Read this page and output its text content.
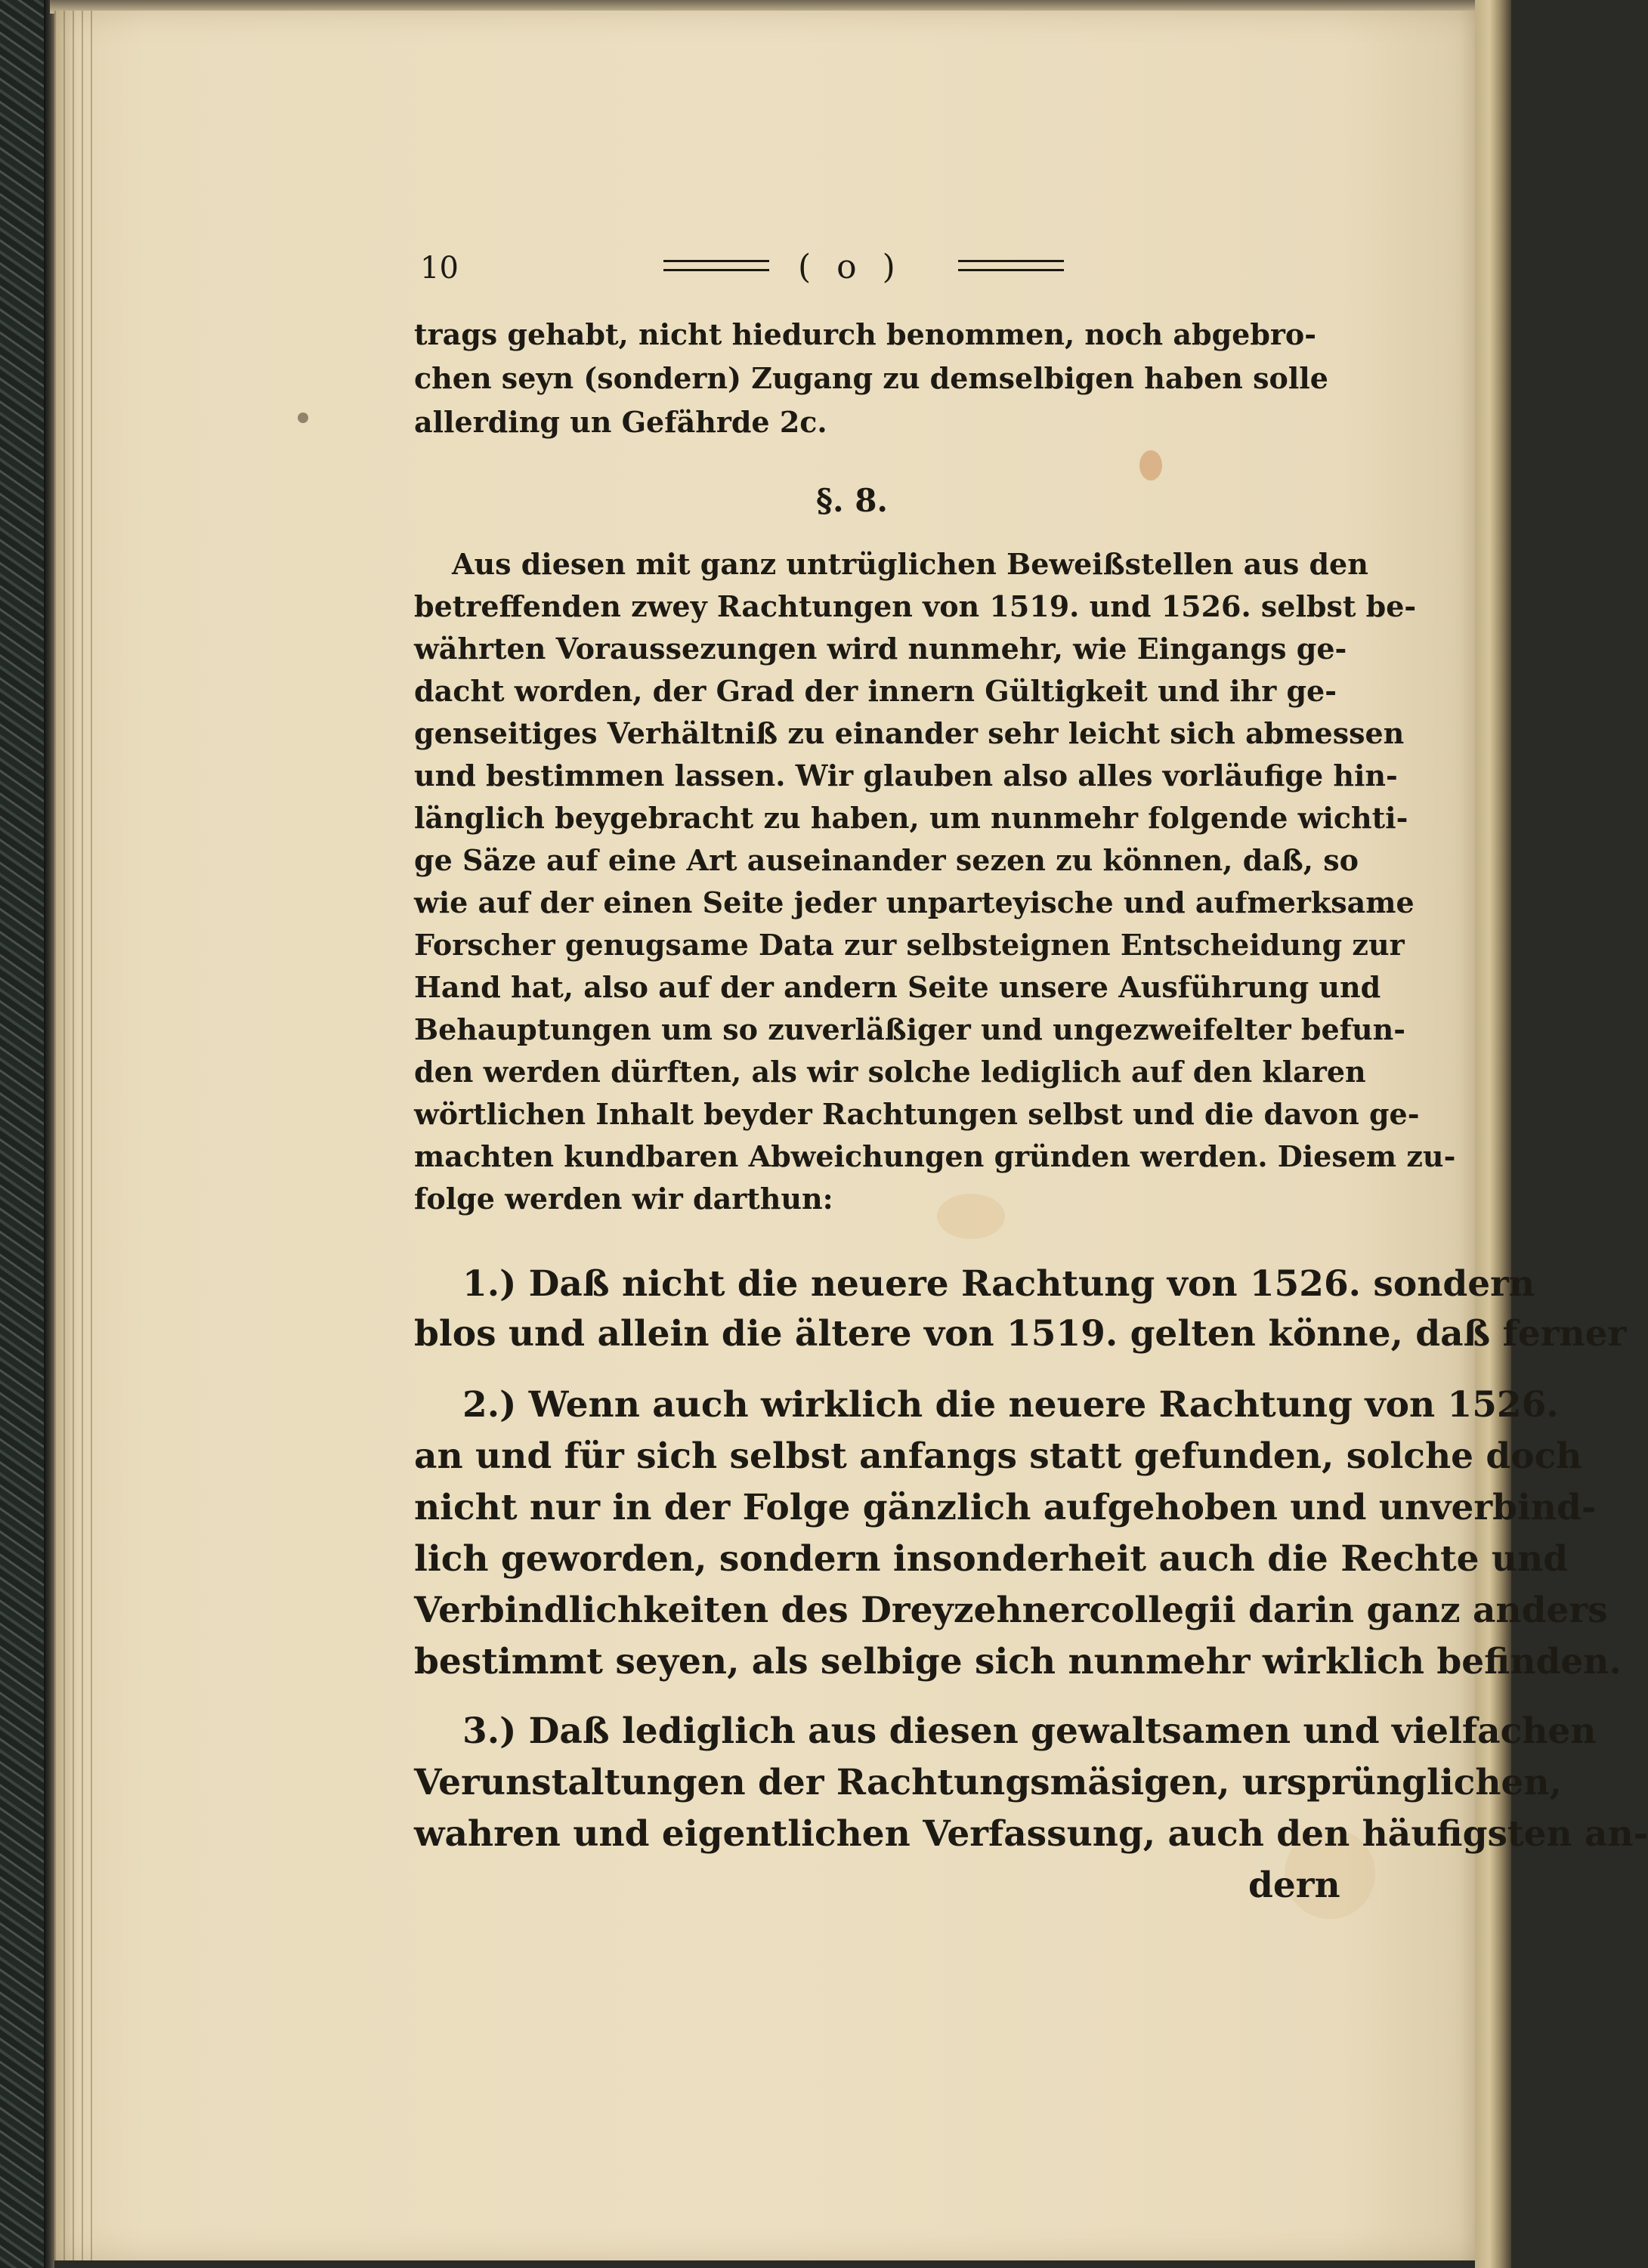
10	( o )
trags gehabt, nicht hiedurch benommen, noch abgebro-
chen seyn (sondern) Zugang zu demselbigen haben solle
allerding un Gefährde 2c.
§. 8.
Aus diesen mit ganz untrüglichen Beweißstellen aus den
betreffenden zwey Rachtungen von 1519. und 1526. selbst be-
währten Voraussezungen wird nunmehr, wie Eingangs ge-
dacht worden, der Grad der innern Gültigkeit und ihr ge-
genseitiges Verhältniß zu einander sehr leicht sich abmessen
und bestimmen lassen. Wir glauben also alles vorläufige hin-
länglich beygebracht zu haben, um nunmehr folgende wichti-
ge Säze auf eine Art auseinander sezen zu können, daß, so
wie auf der einen Seite jeder unparteyische und aufmerksame
Forscher genugsame Data zur selbsteignen Entscheidung zur
Hand hat, also auf der andern Seite unsere Ausführung und
Behauptungen um so zuverläßiger und ungezweifelter befun-
den werden dürften, als wir solche lediglich auf den klaren
wörtlichen Inhalt beyder Rachtungen selbst und die davon ge-
machten kundbaren Abweichungen gründen werden. Diesem zu-
folge werden wir darthun:
1.) Daß nicht die neuere Rachtung von 1526. sondern
blos und allein die ältere von 1519. gelten könne, daß ferner
2.) Wenn auch wirklich die neuere Rachtung von 1526.
an und für sich selbst anfangs statt gefunden, solche doch
nicht nur in der Folge gänzlich aufgehoben und unverbind-
lich geworden, sondern insonderheit auch die Rechte und
Verbindlichkeiten des Dreyzehnercollegii darin ganz anders
bestimmt seyen, als selbige sich nunmehr wirklich befinden.
3.) Daß lediglich aus diesen gewaltsamen und vielfachen
Verunstaltungen der Rachtungsmäsigen, ursprünglichen,
wahren und eigentlichen Verfassung, auch den häufigsten an-
dern
